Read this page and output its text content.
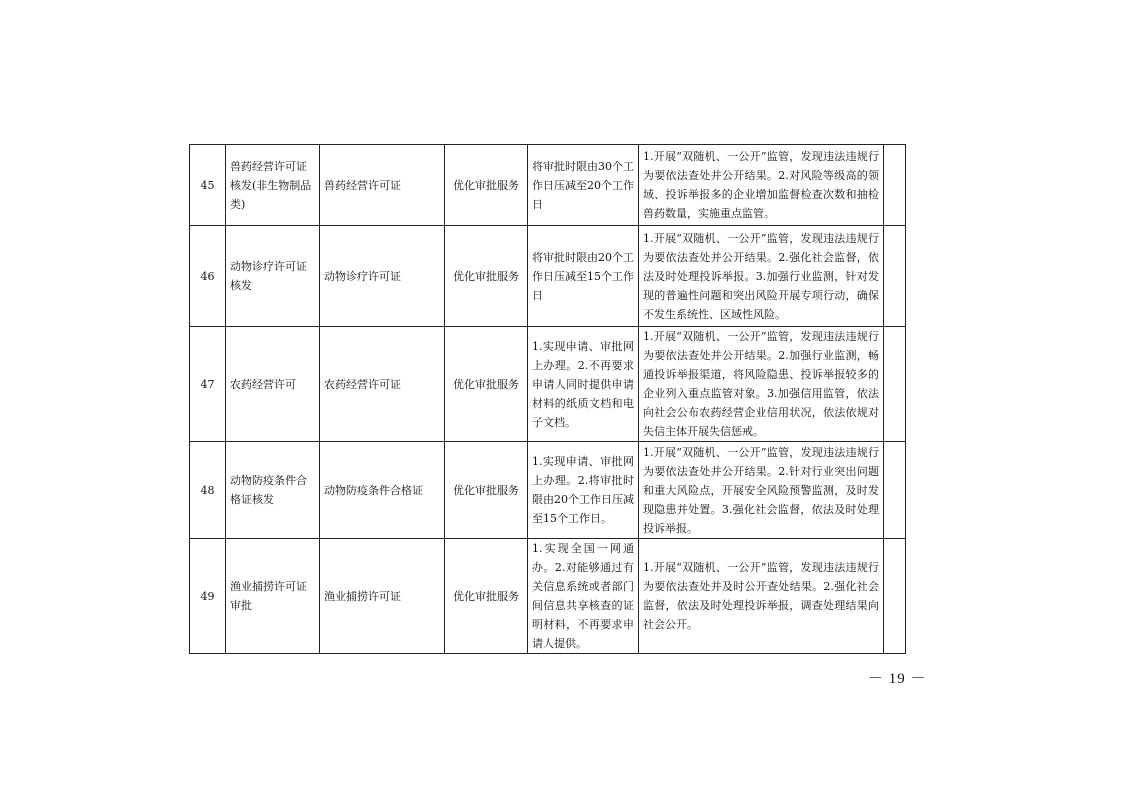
45	兽药经营许可证核发(非生物制品类)	兽药经营许可证	优化审批服务	将审批时限由30个工作日压减至20个工作日	1.开展“双随机、一公开”监管，发现违法违规行为要依法查处并公开结果。2.对风险等级高的领域、投诉举报多的企业增加监督检查次数和抽检兽药数量，实施重点监管。	
46	动物诊疗许可证核发	动物诊疗许可证	优化审批服务	将审批时限由20个工作日压减至15个工作日	1.开展“双随机、一公开”监管，发现违法违规行为要依法查处并公开结果。2.强化社会监督，依法及时处理投诉举报。3.加强行业监测，针对发现的普遍性问题和突出风险开展专项行动，确保不发生系统性、区域性风险。	
47	农药经营许可	农药经营许可证	优化审批服务	1.实现申请、审批网上办理。2.不再要求申请人同时提供申请材料的纸质文档和电子文档。	1.开展“双随机、一公开”监管，发现违法违规行为要依法查处并公开结果。2.加强行业监测，畅通投诉举报渠道，将风险隐患、投诉举报较多的企业列入重点监管对象。3.加强信用监管，依法向社会公布农药经营企业信用状况，依法依规对失信主体开展失信惩戒。	
48	动物防疫条件合格证核发	动物防疫条件合格证	优化审批服务	1.实现申请、审批网上办理。2.将审批时限由20个工作日压减至15个工作日。	1.开展“双随机、一公开”监管，发现违法违规行为要依法查处并公开结果。2.针对行业突出问题和重大风险点，开展安全风险预警监测，及时发现隐患并处置。3.强化社会监督，依法及时处理投诉举报。	
49	渔业捕捞许可证审批	渔业捕捞许可证	优化审批服务	1.实现全国一网通办。2.对能够通过有关信息系统或者部门间信息共享核查的证明材料，不再要求申请人提供。	1.开展“双随机、一公开”监管，发现违法违规行为要依法查处并及时公开查处结果。2.强化社会监督，依法及时处理投诉举报，调查处理结果向社会公开。	
－ 19 －
